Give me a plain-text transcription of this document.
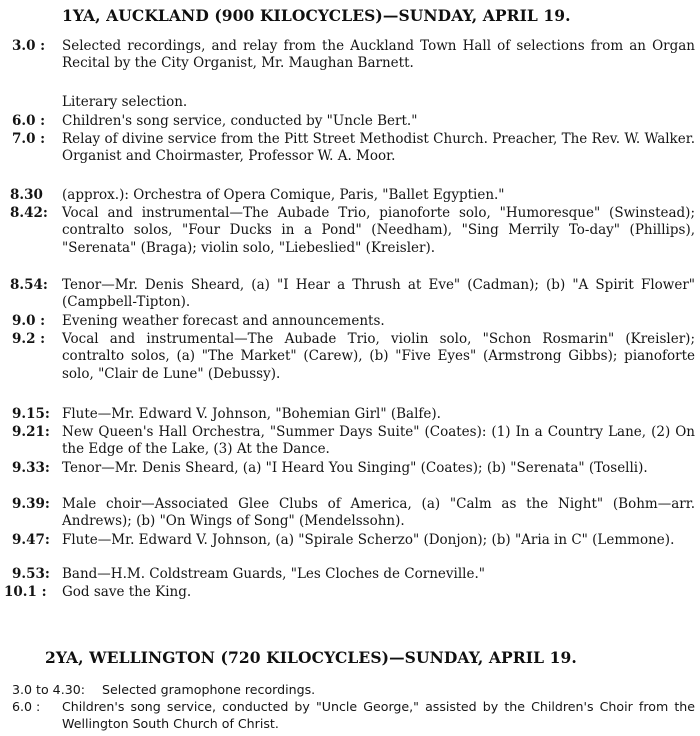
1YA, AUCKLAND (900 KILOCYCLES)—SUNDAY, APRIL 19.
3.0 : Selected recordings, and relay from the Auckland Town Hall of selections from an Organ Recital by the City Organist, Mr. Maughan Barnett.
Literary selection.
6.0 : Children's song service, conducted by "Uncle Bert."
7.0 : Relay of divine service from the Pitt Street Methodist Church. Preacher, The Rev. W. Walker. Organist and Choirmaster, Professor W. A. Moor.
8.30 (approx.): Orchestra of Opera Comique, Paris, "Ballet Egyptien."
8.42: Vocal and instrumental—The Aubade Trio, pianoforte solo, "Humoresque" (Swinstead); contralto solos, "Four Ducks in a Pond" (Needham), "Sing Merrily To-day" (Phillips), "Serenata" (Braga); violin solo, "Liebeslied" (Kreisler).
8.54: Tenor—Mr. Denis Sheard, (a) "I Hear a Thrush at Eve" (Cadman); (b) "A Spirit Flower" (Campbell-Tipton).
9.0 : Evening weather forecast and announcements.
9.2 : Vocal and instrumental—The Aubade Trio, violin solo, "Schon Rosmarin" (Kreisler); contralto solos, (a) "The Market" (Carew), (b) "Five Eyes" (Armstrong Gibbs); pianoforte solo, "Clair de Lune" (Debussy).
9.15: Flute—Mr. Edward V. Johnson, "Bohemian Girl" (Balfe).
9.21: New Queen's Hall Orchestra, "Summer Days Suite" (Coates): (1) In a Country Lane, (2) On the Edge of the Lake, (3) At the Dance.
9.33: Tenor—Mr. Denis Sheard, (a) "I Heard You Singing" (Coates); (b) "Serenata" (Toselli).
9.39: Male choir—Associated Glee Clubs of America, (a) "Calm as the Night" (Bohm—arr. Andrews); (b) "On Wings of Song" (Mendelssohn).
9.47: Flute—Mr. Edward V. Johnson, (a) "Spirale Scherzo" (Donjon); (b) "Aria in C" (Lemmone).
9.53: Band—H.M. Coldstream Guards, "Les Cloches de Corneville."
10.1 : God save the King.
2YA, WELLINGTON (720 KILOCYCLES)—SUNDAY, APRIL 19.
3.0 to 4.30: Selected gramophone recordings.
6.0 : Children's song service, conducted by "Uncle George," assisted by the Children's Choir from the Wellington South Church of Christ.
